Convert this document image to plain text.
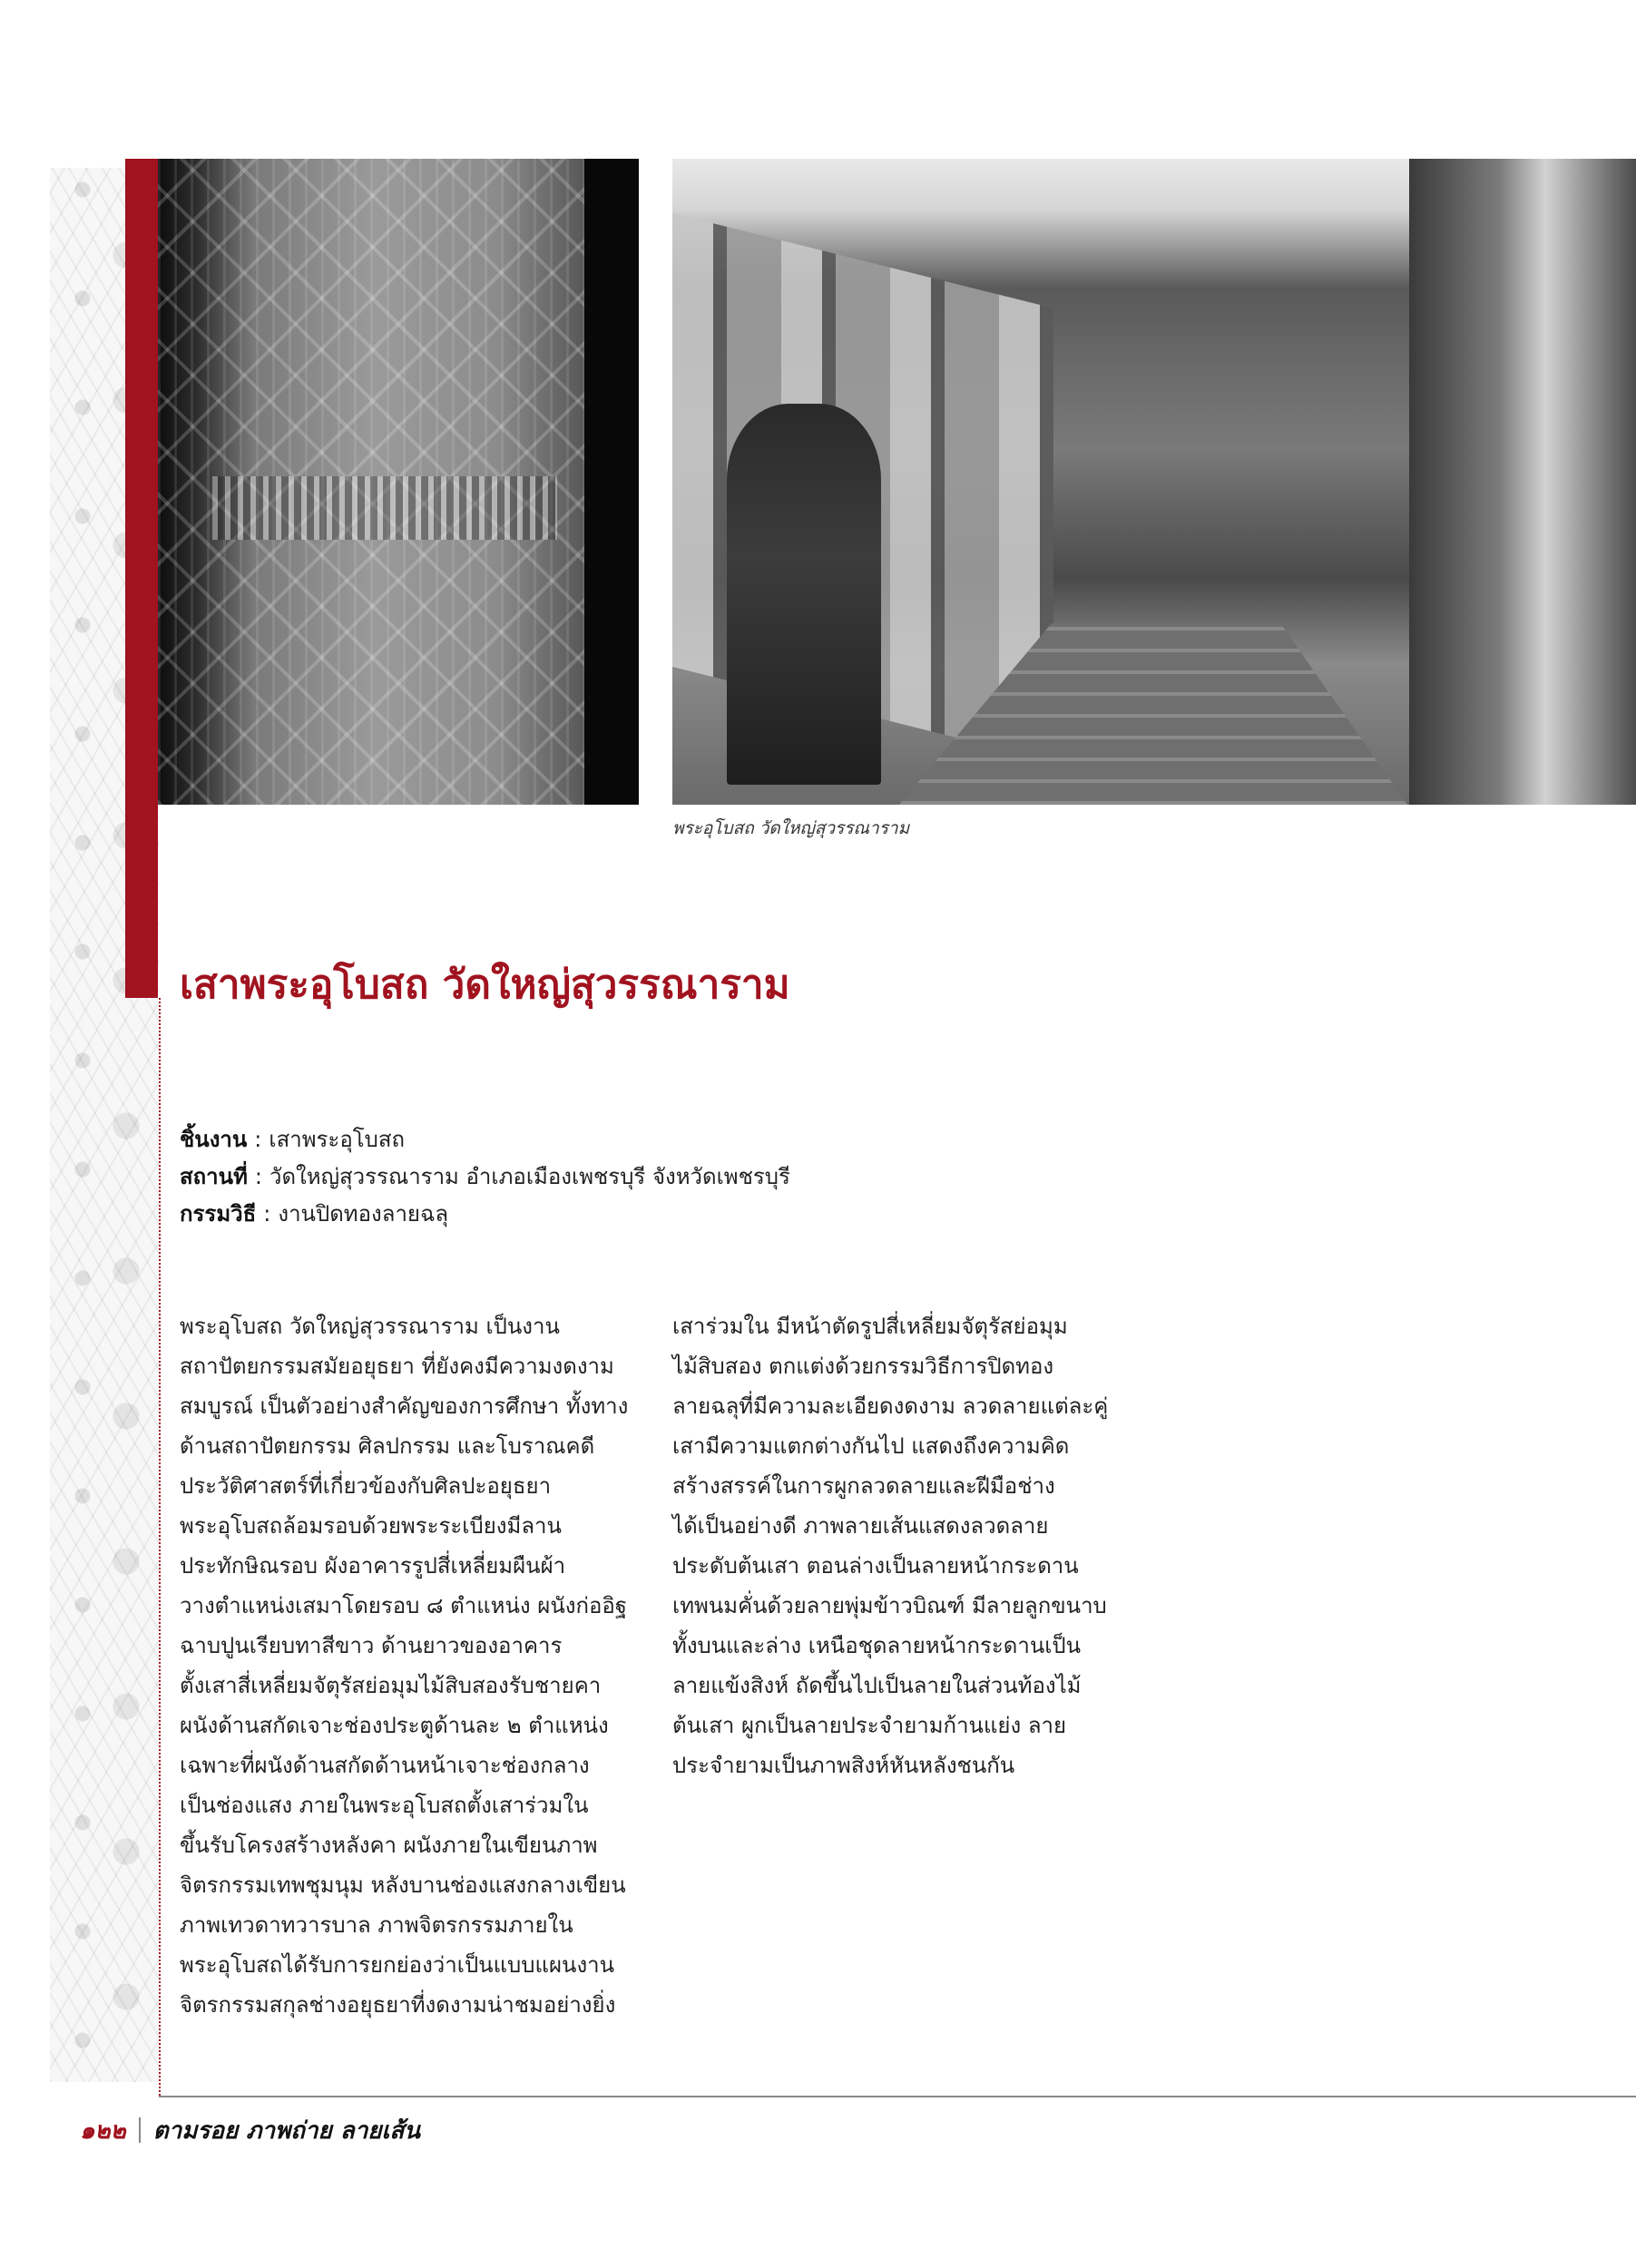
พระอุโบสถ วัดใหญ่สุวรรณาราม
เสาพระอุโบสถ วัดใหญ่สุวรรณาราม
ชิ้นงาน : เสาพระอุโบสถ
สถานที่ : วัดใหญ่สุวรรณาราม อำเภอเมืองเพชรบุรี จังหวัดเพชรบุรี
กรรมวิธี : งานปิดทองลายฉลุ

พระอุโบสถ วัดใหญ่สุวรรณาราม เป็นงาน
สถาปัตยกรรมสมัยอยุธยา ที่ยังคงมีความงดงาม
สมบูรณ์ เป็นตัวอย่างสำคัญของการศึกษา ทั้งทาง
ด้านสถาปัตยกรรม ศิลปกรรม และโบราณคดี
ประวัติศาสตร์ที่เกี่ยวข้องกับศิลปะอยุธยา
พระอุโบสถล้อมรอบด้วยพระระเบียงมีลาน
ประทักษิณรอบ ผังอาคารรูปสี่เหลี่ยมผืนผ้า
วางตำแหน่งเสมาโดยรอบ ๘ ตำแหน่ง ผนังก่ออิฐ
ฉาบปูนเรียบทาสีขาว ด้านยาวของอาคาร
ตั้งเสาสี่เหลี่ยมจัตุรัสย่อมุมไม้สิบสองรับชายคา
ผนังด้านสกัดเจาะช่องประตูด้านละ ๒ ตำแหน่ง
เฉพาะที่ผนังด้านสกัดด้านหน้าเจาะช่องกลาง
เป็นช่องแสง ภายในพระอุโบสถตั้งเสาร่วมใน
ขึ้นรับโครงสร้างหลังคา ผนังภายในเขียนภาพ
จิตรกรรมเทพชุมนุม หลังบานช่องแสงกลางเขียน
ภาพเทวดาทวารบาล ภาพจิตรกรรมภายใน
พระอุโบสถได้รับการยกย่องว่าเป็นแบบแผนงาน
จิตรกรรมสกุลช่างอยุธยาที่งดงามน่าชมอย่างยิ่ง

เสาร่วมใน มีหน้าตัดรูปสี่เหลี่ยมจัตุรัสย่อมุม
ไม้สิบสอง ตกแต่งด้วยกรรมวิธีการปิดทอง
ลายฉลุที่มีความละเอียดงดงาม ลวดลายแต่ละคู่
เสามีความแตกต่างกันไป แสดงถึงความคิด
สร้างสรรค์ในการผูกลวดลายและฝีมือช่าง
ได้เป็นอย่างดี ภาพลายเส้นแสดงลวดลาย
ประดับต้นเสา ตอนล่างเป็นลายหน้ากระดาน
เทพนมคั่นด้วยลายพุ่มข้าวบิณฑ์ มีลายลูกขนาบ
ทั้งบนและล่าง เหนือชุดลายหน้ากระดานเป็น
ลายแข้งสิงห์ ถัดขึ้นไปเป็นลายในส่วนท้องไม้
ต้นเสา ผูกเป็นลายประจำยามก้านแย่ง ลาย
ประจำยามเป็นภาพสิงห์หันหลังชนกัน

๑๒๒ ตามรอย ภาพถ่าย ลายเส้น
